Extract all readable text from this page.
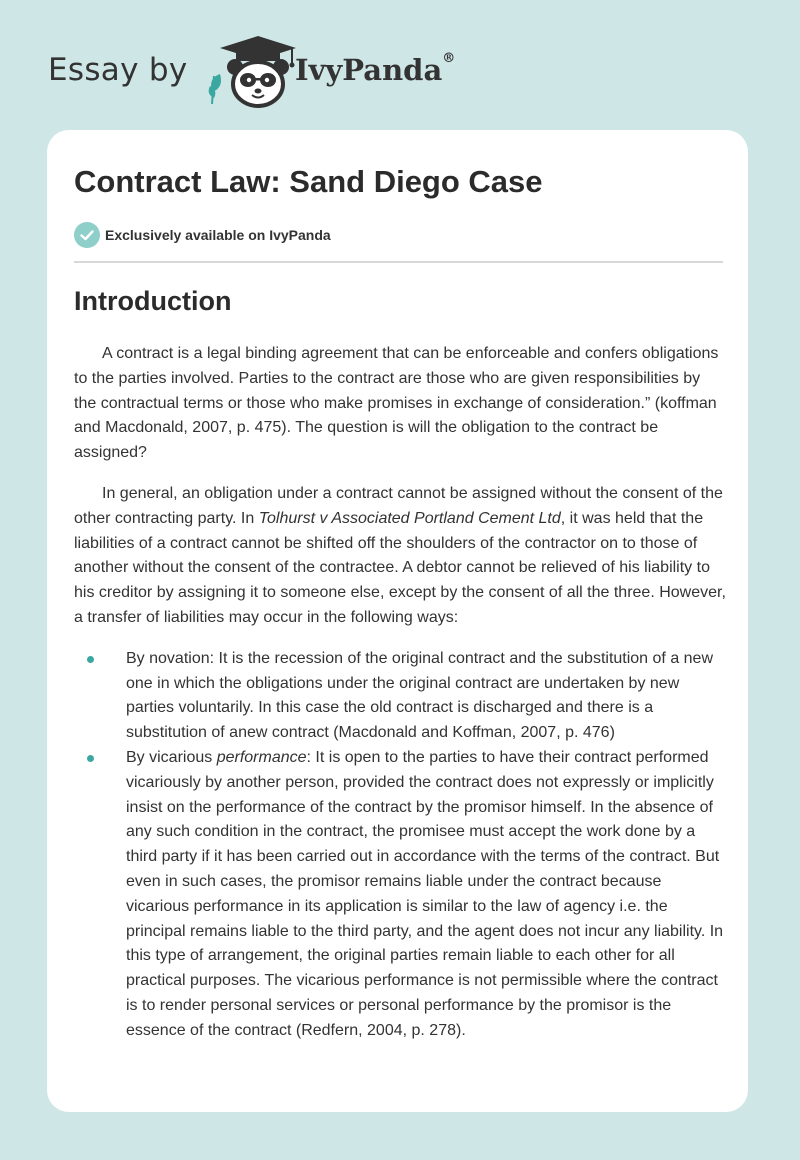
Essay by	IvyPanda®
Contract Law: Sand Diego Case
Exclusively available on IvyPanda
Introduction

A contract is a legal binding agreement that can be enforceable and confers obligations to the parties involved. Parties to the contract are those who are given responsibilities by the contractual terms or those who make promises in exchange of consideration.” (koffman and Macdonald, 2007, p. 475). The question is will the obligation to the contract be assigned?

In general, an obligation under a contract cannot be assigned without the consent of the other contracting party. In Tolhurst v Associated Portland Cement Ltd, it was held that the liabilities of a contract cannot be shifted off the shoulders of the contractor on to those of another without the consent of the contractee. A debtor cannot be relieved of his liability to his creditor by assigning it to someone else, except by the consent of all the three. However, a transfer of liabilities may occur in the following ways:

By novation: It is the recession of the original contract and the substitution of a new one in which the obligations under the original contract are undertaken by new parties voluntarily. In this case the old contract is discharged and there is a substitution of anew contract (Macdonald and Koffman, 2007, p. 476)
By vicarious performance: It is open to the parties to have their contract performed vicariously by another person, provided the contract does not expressly or implicitly insist on the performance of the contract by the promisor himself. In the absence of any such condition in the contract, the promisee must accept the work done by a third party if it has been carried out in accordance with the terms of the contract. But even in such cases, the promisor remains liable under the contract because vicarious performance in its application is similar to the law of agency i.e. the principal remains liable to the third party, and the agent does not incur any liability. In this type of arrangement, the original parties remain liable to each other for all practical purposes. The vicarious performance is not permissible where the contract is to render personal services or personal performance by the promisor is the essence of the contract (Redfern, 2004, p. 278).
